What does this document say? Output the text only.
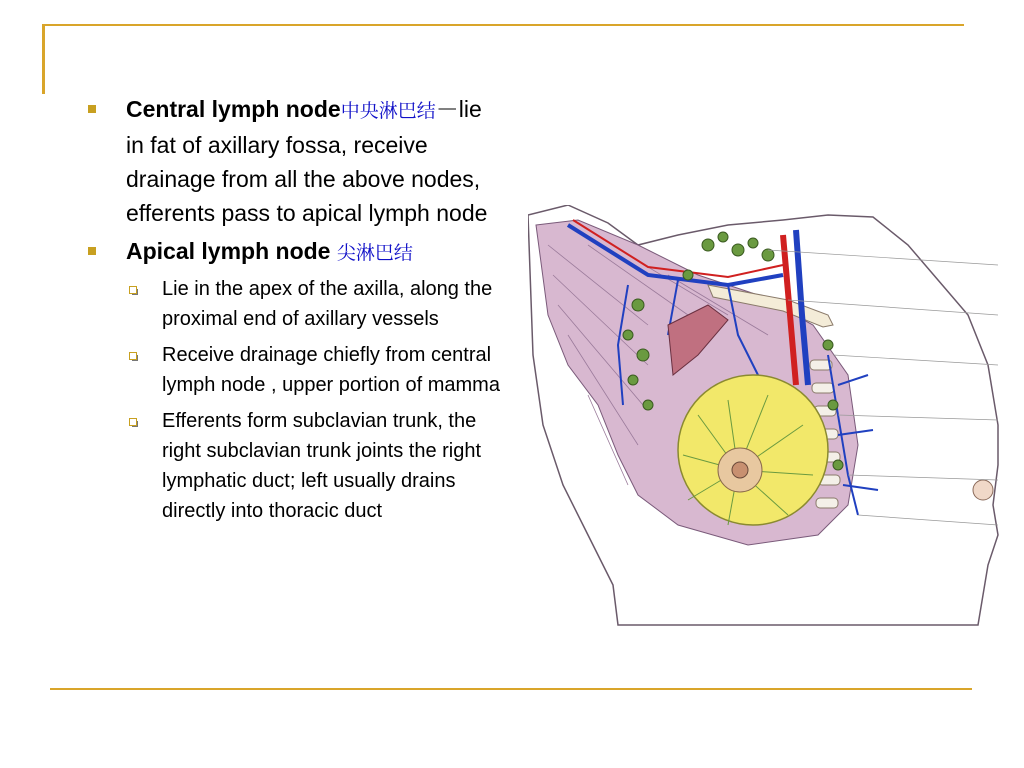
Central lymph node中央淋巴结－lie in fat of axillary fossa, receive drainage from all the above nodes, efferents pass to apical lymph node
Apical lymph node 尖淋巴结
Lie in the apex of the axilla, along the proximal end of axillary vessels
Receive drainage chiefly from central lymph node , upper portion of mamma
Efferents form subclavian trunk, the right subclavian trunk joints the right lymphatic duct; left usually drains directly into thoracic duct
